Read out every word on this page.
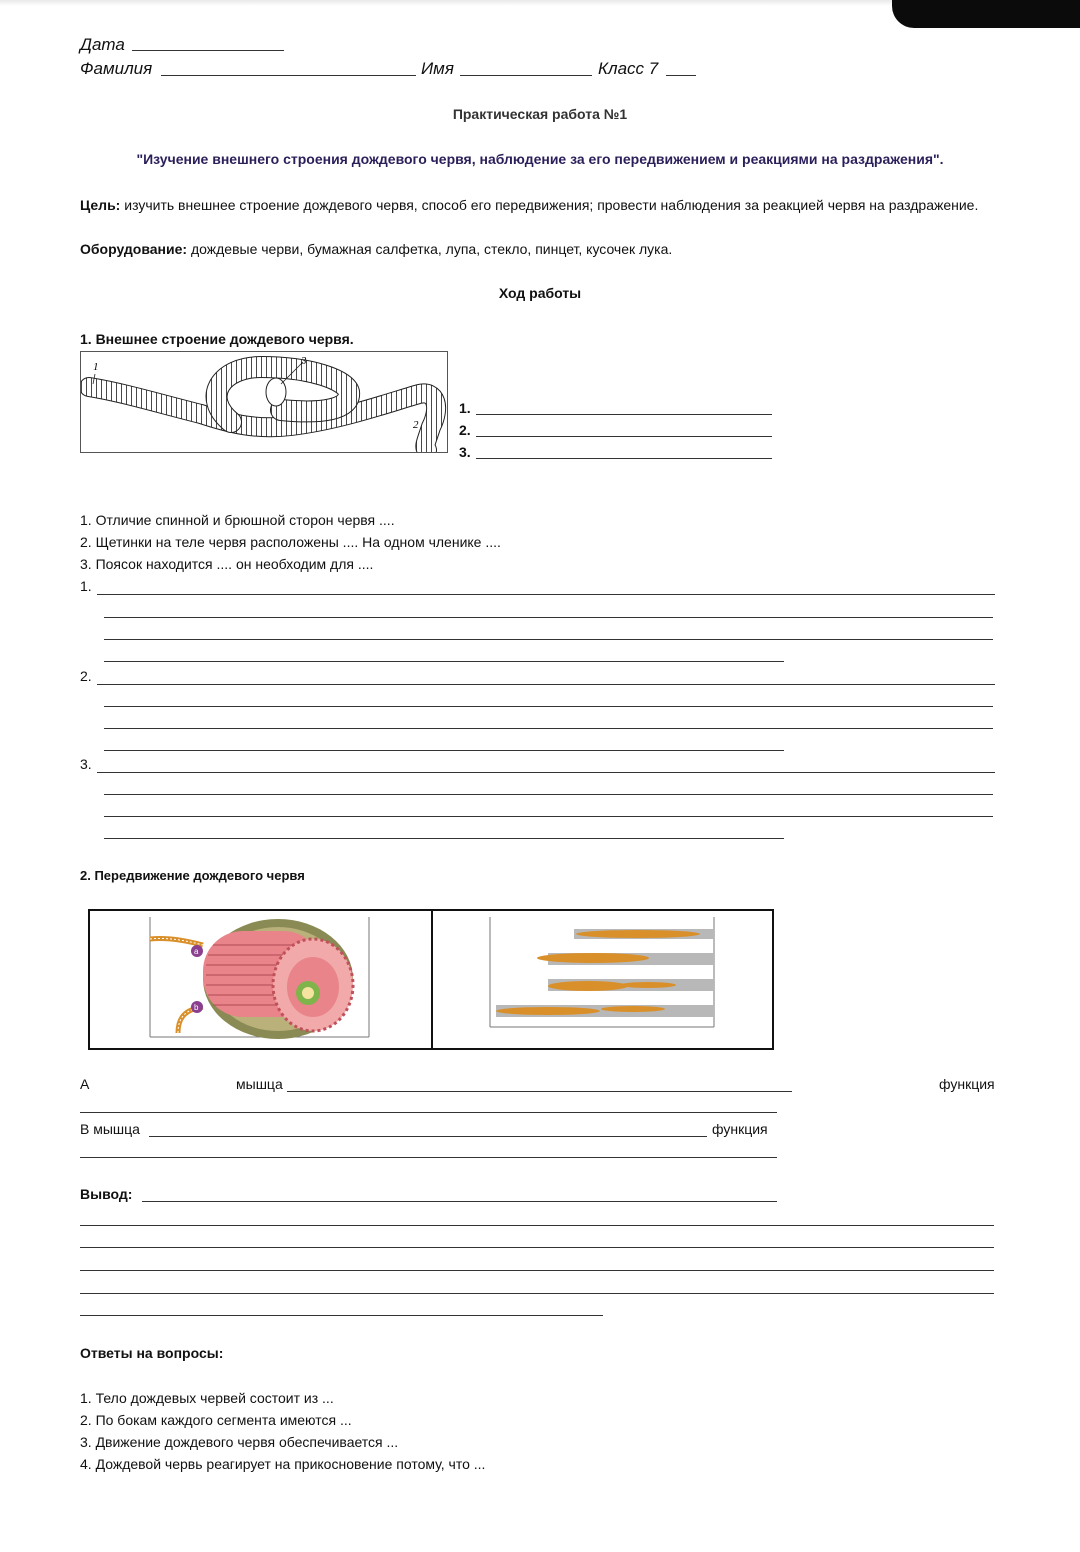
Дата
Фамилия	Имя	Класс 7
Практическая работа №1
"Изучение внешнего строения дождевого червя, наблюдение за его передвижением и реакциями на раздражения".
Цель: изучить внешнее строение дождевого червя, способ его передвижения; провести наблюдения за реакцией червя на раздражение.
Оборудование: дождевые черви, бумажная салфетка, лупа, стекло, пинцет, кусочек лука.
Ход работы
1. Внешнее строение дождевого червя.
1	3
2
1.
2.
3.
1. Отличие спинной и брюшной сторон червя ....
2. Щетинки на теле червя расположены .... На одном членике ....
3. Поясок находится .... он необходим для ....
1.
2.
3.
2. Передвижение дождевого червя
a
b
А	мышца	функция
В мышца	функция
Вывод:
Ответы на вопросы:
1. Тело дождевых червей состоит из ...
2. По бокам каждого сегмента имеются ...
3. Движение дождевого червя обеспечивается ...
4. Дождевой червь реагирует на прикосновение потому, что ...
